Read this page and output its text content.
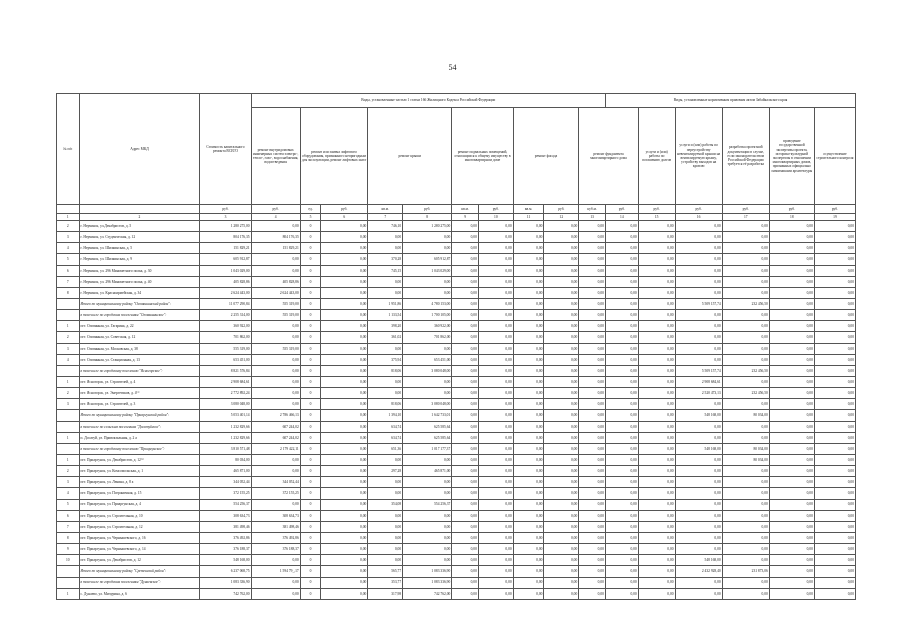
54
№ п/п	Адрес МКД	Стоимость капитального ремонта ВСЕГО	Виды, установленные частью 1 статьи 166 Жилищного Кодекса Российской Федерации										Виды, установленные нормативным правовым актом Забайкальского края					
			ремонт внутридомовых инженерных систем электро-, тепло-, газо-, водоснабжения, водоотведения	ремонт или замена лифтового оборудования, признанного непригодным для эксплуатации, ремонт лифтовых шахт		ремонт крыши		ремонт подвальных помещений, относящихся к общему имуществу в многоквартирном доме		ремонт фасада		ремонт фундамента многоквартирного дома		услуги и (или) работы по погашению долгов	услуги и (или) работы по переустройству невентилируемой крыши на вентилируемую крышу, устройству выходов на кровлю	разработка проектной документации в случае, если законодательством Российской Федерации требуется её разработка	проведение государственной экспертизы проекта, историко-культурной экспертизы в отношении многоквартирных домов, признанных официально памятниками архитектуры	осуществление строительного контроля
		руб.	руб.	ед.	руб.	кв.м.	руб.	кв.м.	руб.	кв.м.	руб.	куб.м.	руб.	руб.	руб.	руб.	руб.	руб.
1	2	3	4	5	6	7	8	9	10	11	12	13	14	15	16	17	18	19
2	г. Нерчинск, ул.Декабристов, д. 5	1 280 275,00	0,00	0	0,00	746,10	1 280 275,00	0,00	0,00	0,00	0,00	0,00	0,00	0,00	0,00	0,00	0,00	0,00
3	г. Нерчинск, ул. Студенческая, д. 12	804 176,35	804 176,35	0	0,00	0,00	0,00	0,00	0,00	0,00	0,00	0,00	0,00	0,00	0,00	0,00	0,00	0,00
4	г. Нерчинск, ул. Шилкинская, д. 5	151 829,21	151 829,21	0	0,00	0,00	0,00	0,00	0,00	0,00	0,00	0,00	0,00	0,00	0,00	0,00	0,00	0,00
5	г. Нерчинск, ул. Шилкинская, д. 9	605 912,87	0,00	0	0,00	370,28	605 912,87	0,00	0,00	0,00	0,00	0,00	0,00	0,00	0,00	0,00	0,00	0,00
6	г. Нерчинск, ул. 296 Минометного полка, д. 30	1 043 029,00	0,00	0	0,00	745,15	1 043 029,00	0,00	0,00	0,00	0,00	0,00	0,00	0,00	0,00	0,00	0,00	0,00
7	г. Нерчинск, ул. 296 Минометного полка, д. 40	405 828,86	405 828,86	0	0,00	0,00	0,00	0,00	0,00	0,00	0,00	0,00	0,00	0,00	0,00	0,00	0,00	0,00
8	г. Нерчинск, ул. Красноармейская, д. 34	2 624 443,00	2 624 443,00	0	0,00	0,00	0,00	0,00	0,00	0,00	0,00	0,00	0,00	0,00	0,00	0,00	0,00	0,00
	Итого по муниципальному району "Оловяннинский район":	11 077 290,84	555 319,00	0	0,00	1 951,86	4 780 153,00	0,00	0,00	0,00	0,00	0,00	0,00	0,00	5 509 157,74	232 456,50	0,00	0,00
	в том числе по городским поселениям "Оловяннинское":	2 255 314,00	555 319,00	0	0,00	1 133,54	1 700 105,00	0,00	0,00	0,00	0,00	0,00	0,00	0,00	0,00	0,00	0,00	0,00
1	пгт. Оловянная, ул. Гагарина, д. 22	360 922,00	0,00	0	0,00	398,20	360 922,00	0,00	0,00	0,00	0,00	0,00	0,00	0,00	0,00	0,00	0,00	0,00
2	пгт. Оловянная, ул. Советская, д. 12	701 862,00	0,00	0	0,00	361,02	701 862,00	0,00	0,00	0,00	0,00	0,00	0,00	0,00	0,00	0,00	0,00	0,00
3	пгт. Оловянная, ул. Московская, д. 38	555 319,00	555 319,00	0	0,00	0,00	0,00	0,00	0,00	0,00	0,00	0,00	0,00	0,00	0,00	0,00	0,00	0,00
4	пгт. Оловянная, ул. Станционная, д. 13	653 451,00	0,00	0	0,00	375,94	653 451,00	0,00	0,00	0,00	0,00	0,00	0,00	0,00	0,00	0,00	0,00	0,00
	в том числе по городскому поселению "Ясногорское":	8 821 576,84	0,00	0	0,00	818,06	3 080 048,00	0,00	0,00	0,00	0,00	0,00	0,00	0,00	5 509 157,74	232 456,50	0,00	0,00
1	пгт. Ясногорск, ул. Строителей, д. 4	2 908 684,61	0,00	0	0,00	0,00	0,00	0,00	0,00	0,00	0,00	0,00	0,00	0,00	2 908 684,61	0,00	0,00	0,00
2	пгт. Ясногорск, ул. Энергетиков, д. 4⁽²⁾	2 772 892,24	0,00	0	0,00	0,00	0,00	0,00	0,00	0,00	0,00	0,00	0,00	0,00	2 520 473,13	232 456,50	0,00	0,00
3	пгт. Ясногорск, ул. Строителей, д. 3	3 080 048,00	0,00	0	0,00	818,06	3 080 048,00	0,00	0,00	0,00	0,00	0,00	0,00	0,00	0,00	0,00	0,00	0,00
	Итого по муниципальному району "Приаргунский район":	5 053 401,14	2 786 466,13	0	0,00	1 394,10	1 642 733,01	0,00	0,00	0,00	0,00	0,00	0,00	0,00	548 168,00	80 034,00	0,00	0,00
	в том числе по сельским поселениям "Досатуйское":	1 232 829,66	607 244,02	0	0,00	634,74	625 585,64	0,00	0,00	0,00	0,00	0,00	0,00	0,00	0,00	0,00	0,00	0,00
1	п. Досатуй, ул. Привокзальная, д. 2 а	1 232 829,66	607 244,02	0	0,00	634,74	625 585,64	0,00	0,00	0,00	0,00	0,00	0,00	0,00	0,00	0,00	0,00	0,00
	в том числе по городскому поселению "Приаргунское":	3 810 571,48	2 179 422,11	0	0,00	651,36	1 017 177,37	0,00	0,00	0,00	0,00	0,00	0,00	0,00	548 168,00	80 034,00	0,00	0,00
1	пгт. Приаргунск, ул. Декабристов, д. 12⁽²⁾	80 034,00	0,00	0	0,00	0,00	0,00	0,00	0,00	0,00	0,00	0,00	0,00	0,00	0,00	80 034,00	0,00	0,00
2	пгт. Приаргунск, ул. Комсомольская, д. 1	465 871,00	0,00	0	0,00	297,28	465 871,00	0,00	0,00	0,00	0,00	0,00	0,00	0,00	0,00	0,00	0,00	0,00
3	пгт. Приаргунск, ул. Ленина, д. 8 а	344 052,44	344 052,44	0	0,00	0,00	0,00	0,00	0,00	0,00	0,00	0,00	0,00	0,00	0,00	0,00	0,00	0,00
4	пгт. Приаргунск, ул. Пограничная, д. 15	372 155,25	372 155,25	0	0,00	0,00	0,00	0,00	0,00	0,00	0,00	0,00	0,00	0,00	0,00	0,00	0,00	0,00
5	пгт. Приаргунск, ул. Приаргунская, д. 4	554 256,37	0,00	0	0,00	354,08	554 256,37	0,00	0,00	0,00	0,00	0,00	0,00	0,00	0,00	0,00	0,00	0,00
6	пгт. Приаргунск, ул. Строительная, д. 10	308 634,73	308 634,73	0	0,00	0,00	0,00	0,00	0,00	0,00	0,00	0,00	0,00	0,00	0,00	0,00	0,00	0,00
7	пгт. Приаргунск, ул. Строительная, д. 12	381 498,46	381 498,46	0	0,00	0,00	0,00	0,00	0,00	0,00	0,00	0,00	0,00	0,00	0,00	0,00	0,00	0,00
8	пгт. Приаргунск, ул. Чернышевского, д. 16	376 492,86	376 492,86	0	0,00	0,00	0,00	0,00	0,00	0,00	0,00	0,00	0,00	0,00	0,00	0,00	0,00	0,00
9	пгт. Приаргунск, ул. Чернышевского, д. 14	376 188,37	376 188,37	0	0,00	0,00	0,00	0,00	0,00	0,00	0,00	0,00	0,00	0,00	0,00	0,00	0,00	0,00
10	пгт. Приаргунск, ул. Декабристов, д. 12	548 168,00	0,00	0	0,00	0,00	0,00	0,00	0,00	0,00	0,00	0,00	0,00	0,00	548 168,00	0,00	0,00	0,00
	Итого по муниципальному району "Сретенский район":	6 237 068,75	1 594 79_,17	0	0,00	565,77	1 083 336,90	0,00	0,00	0,00	0,00	0,00	0,00	0,00	2 432 928,40	231 873,06	0,00	0,00
	в том числе по городским поселениям "Дунаевское":	1 083 336,90	0,00	0	0,00	353,77	1 083 336,90	0,00	0,00	0,00	0,00	0,00	0,00	0,00	0,00	0,00	0,00	0,00
1	с. Дунаево, ул. Мичурина, д. 6	742 762,00	0,00	0	0,00	317,98	742 762,00	0,00	0,00	0,00	0,00	0,00	0,00	0,00	0,00	0,00	0,00	0,00
